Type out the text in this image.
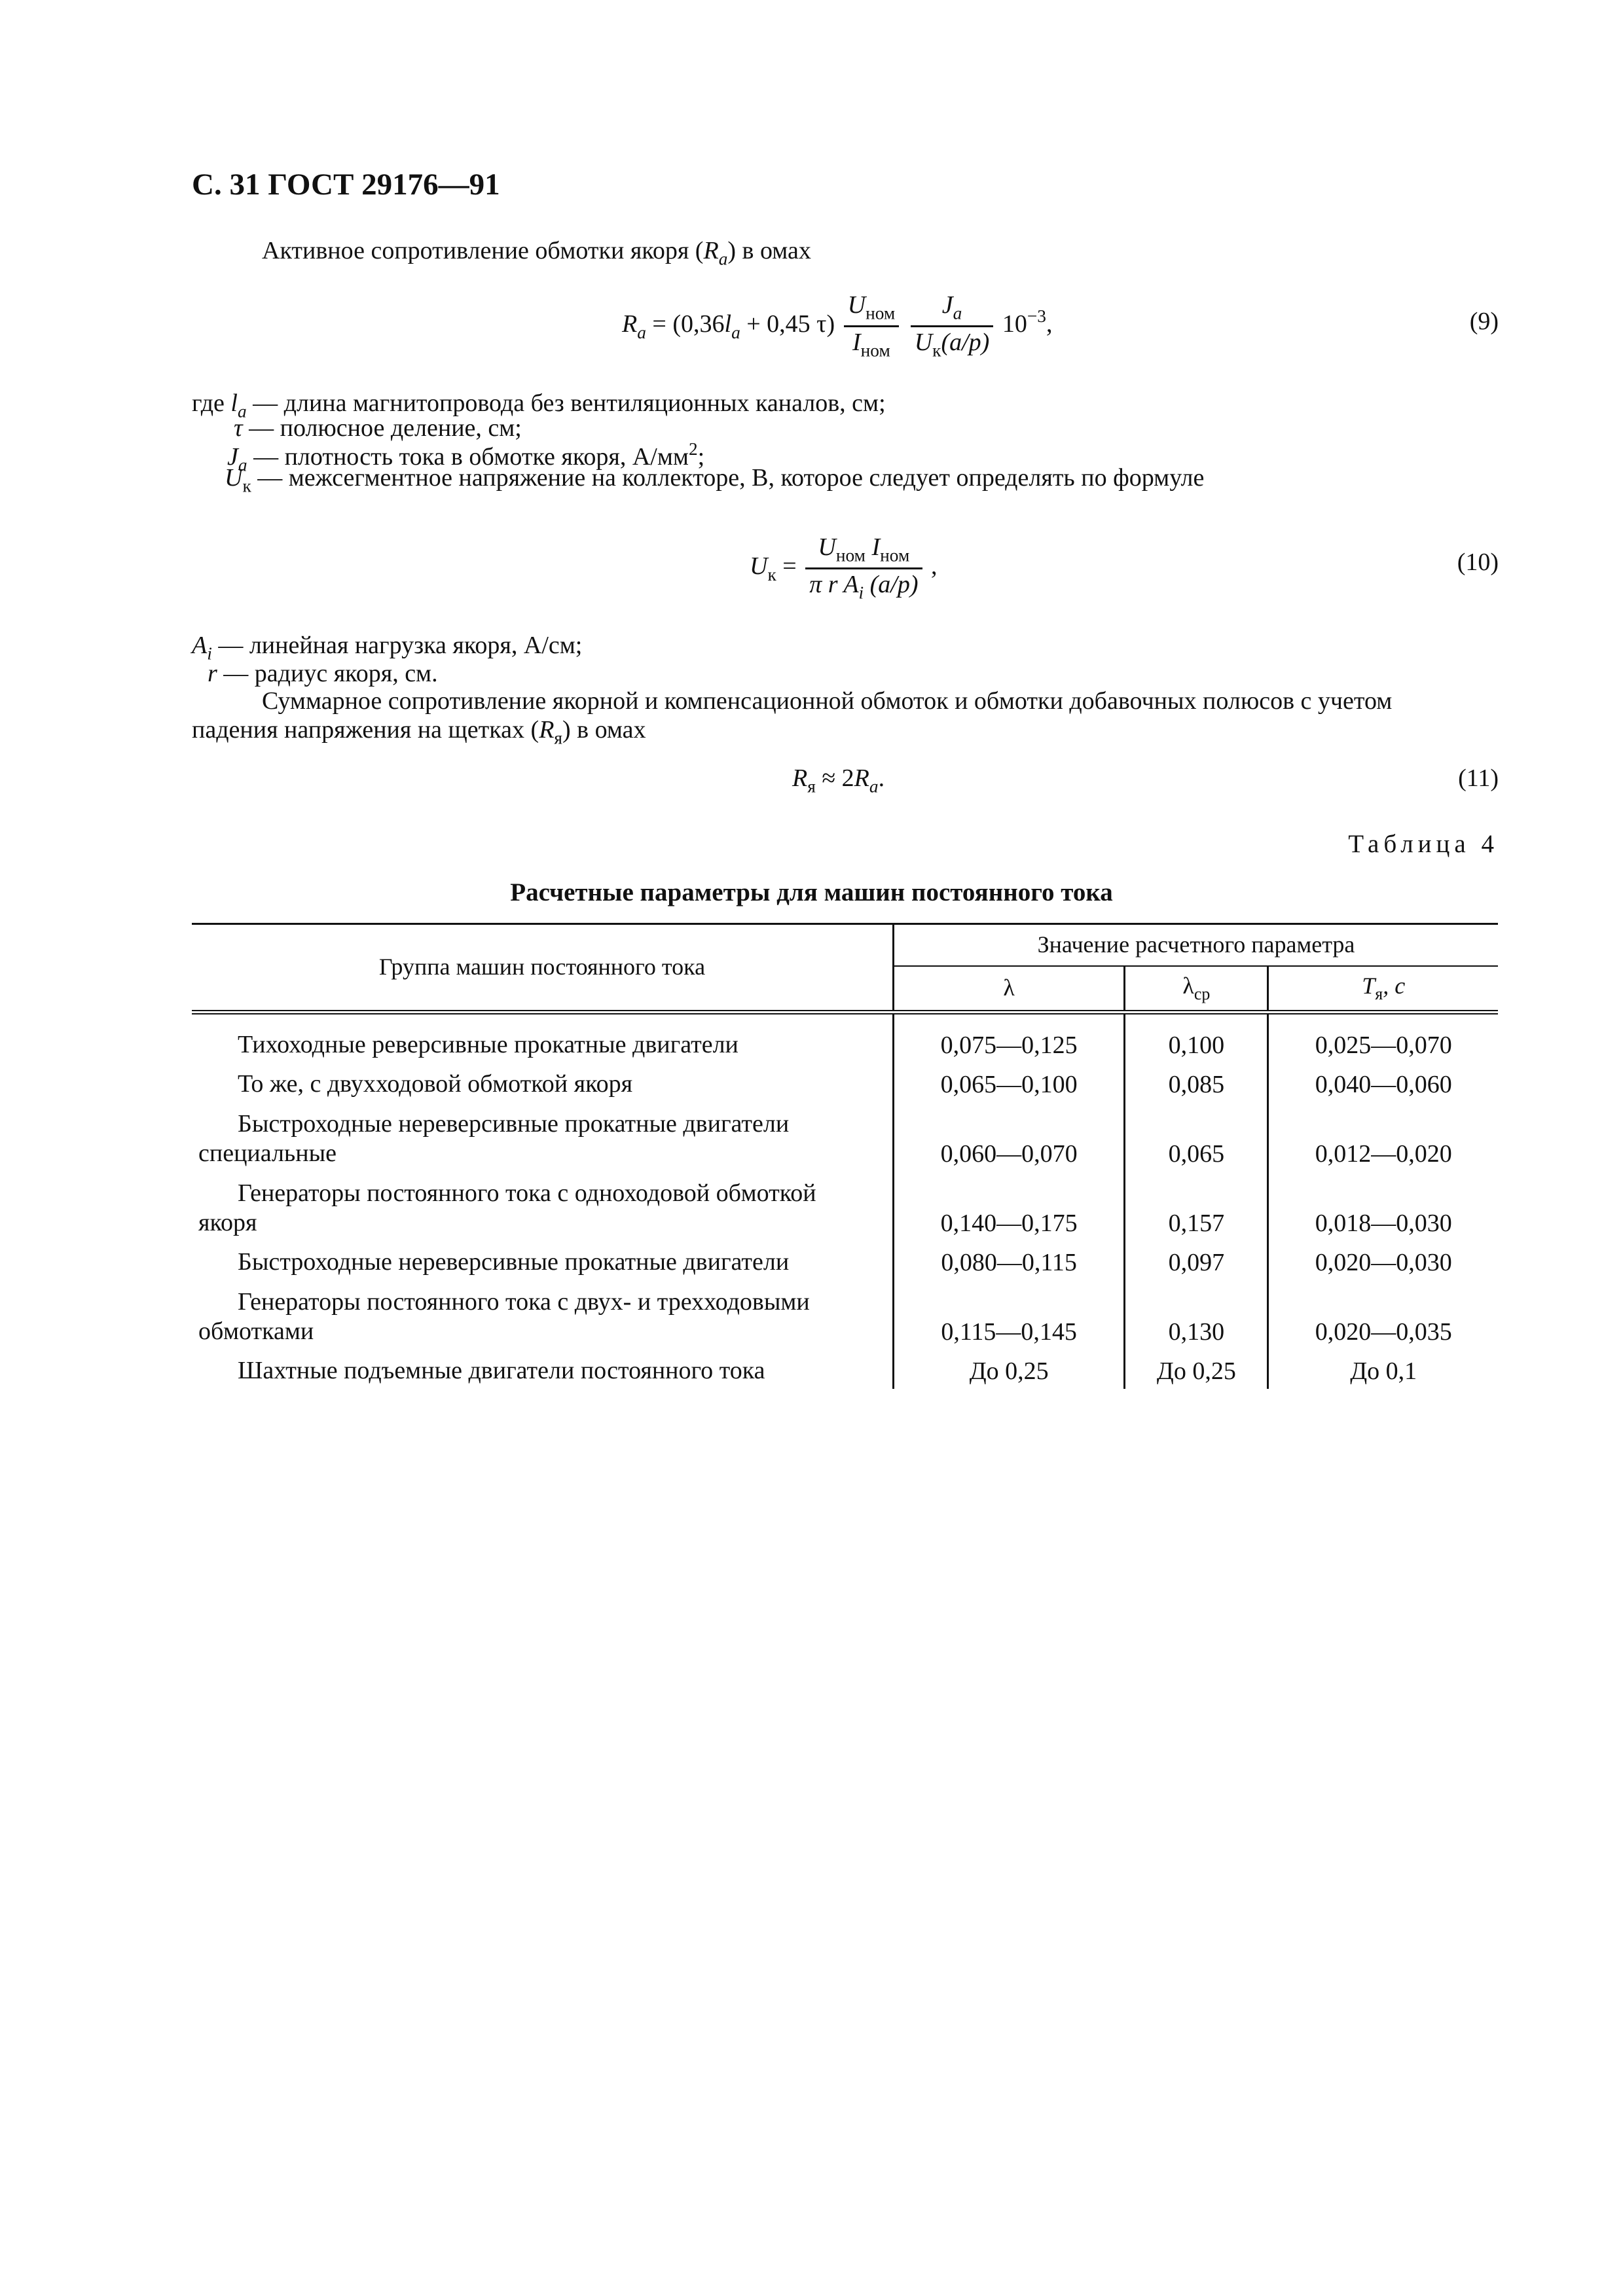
С. 31 ГОСТ 29176—91
Активное сопротивление обмотки якоря $(R_a)$ в омах
$R_a = (0,36l_a + 0,45$ $\tau) \frac{U_{ном}}{I_{ном}}$
$\frac{J_a}{U_к(a/p)} 10^{-3}$,	(9)
где $l_a$ — длина магнитопровода без вентиляционных каналов, см;
τ — полюсное деление, см;
$J_a$ — плотность тока в обмотке якоря, $А/мм^2$;
$U_к$ — межсегментное напряжение на коллекторе, В, которое следует определять по формуле
$U_к = \frac{U_{ном} I_{ном}}{\pi r A_i (a/p)}$ ,	(10)
$A_i$ — линейная нагрузка якоря, А/см;
r — радиус якоря, см.
Суммарное сопротивление якорной и компенсационной обмоток и обмотки добавочных полюсов с учетом
падения напряжения на щетках $(R_я)$ в омах
$R_я \approx 2R_a$.	(11)
Таблица 4
Расчетные параметры для машин постоянного тока
Группа машин постоянного тока	Значение расчетного параметра		
	λ	$\lambda_{ср}$	$T_я$, с
Тихоходные реверсивные прокатные двигатели	0,075—0,125	0,100	0,025—0,070
То же, с двухходовой обмоткой якоря	0,065—0,100	0,085	0,040—0,060

Быстроходные нереверсивные прокатные двигатели
специальные	0,060—0,070	0,065	0,012—0,020

Генераторы постоянного тока с одноходовой обмоткой
якоря	0,140—0,175	0,157	0,018—0,030
Быстроходные нереверсивные прокатные двигатели	0,080—0,115	0,097	0,020—0,030

Генераторы постоянного тока с двух- и трехходовыми
обмотками	0,115—0,145	0,130	0,020—0,035
Шахтные подъемные двигатели постоянного тока	До 0,25	До 0,25	До 0,1
